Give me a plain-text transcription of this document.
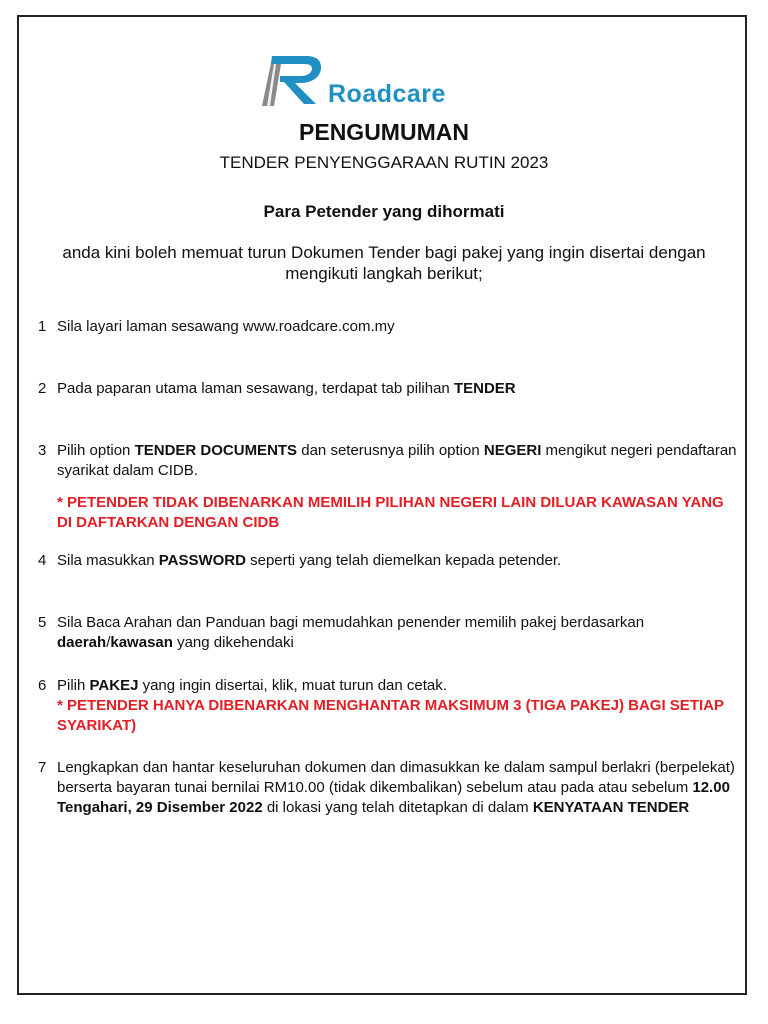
Roadcare
PENGUMUMAN
TENDER PENYENGGARAAN RUTIN 2023
Para Petender yang dihormati
anda kini boleh memuat turun Dokumen Tender bagi pakej yang ingin disertai dengan mengikuti langkah berikut;
1 Sila layari laman sesawang www.roadcare.com.my
2 Pada paparan utama laman sesawang, terdapat tab pilihan TENDER
3 Pilih option TENDER DOCUMENTS dan seterusnya pilih option NEGERI mengikut negeri pendaftaran syarikat dalam CIDB.
* PETENDER TIDAK DIBENARKAN MEMILIH PILIHAN NEGERI LAIN DILUAR KAWASAN YANG DI DAFTARKAN DENGAN CIDB
4 Sila masukkan PASSWORD seperti yang telah diemelkan kepada petender.
5 Sila Baca Arahan dan Panduan bagi memudahkan penender memilih pakej berdasarkan daerah/kawasan yang dikehendaki
6 Pilih PAKEJ yang ingin disertai, klik, muat turun dan cetak.
* PETENDER HANYA DIBENARKAN MENGHANTAR MAKSIMUM 3 (TIGA PAKEJ) BAGI SETIAP SYARIKAT)
7 Lengkapkan dan hantar keseluruhan dokumen dan dimasukkan ke dalam sampul berlakri (berpelekat) berserta bayaran tunai bernilai RM10.00 (tidak dikembalikan) sebelum atau pada atau sebelum 12.00 Tengahari, 29 Disember 2022 di lokasi yang telah ditetapkan di dalam KENYATAAN TENDER
